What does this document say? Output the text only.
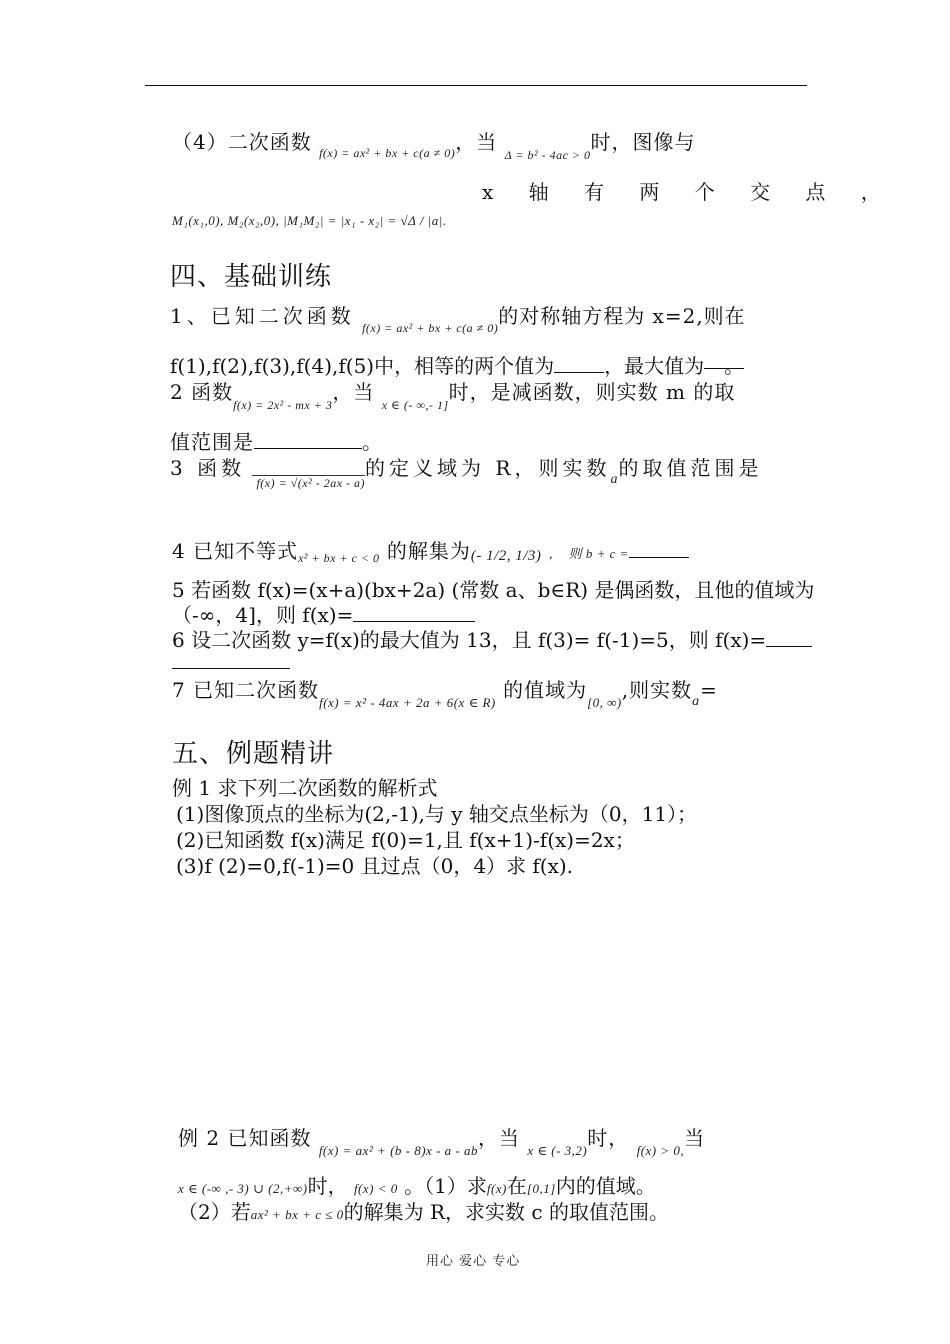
（4）二次函数 $_{f(x) = ax^2 + bx + c(a \ne 0)}$，当 $_{\Delta = b^2 - 4ac > 0}$时，图像与
x 轴 有 两 个 交 点 ，
M₁(x₁,0), M₂(x₂,0), |M₁M₂| = |x₁ - x₂| = √Δ / |a|.
四、基础训练
1、已知二次函数 $_{f(x) = ax^2 + bx + c(a \ne 0)}$的对称轴方程为 x=2,则在
f(1),f(2),f(3),f(4),f(5)中，相等的两个值为	，最大值为 。
2 函数$_{f(x) = 2x^2 - mx + 3}$，当 $_{x \in (- \infty,- 1]}$时，是减函数，则实数 m 的取
值范围是	。
3 函数 $_{f(x) = √(x^2 - 2ax - a)}$的定义域为 R，则实数$_a$的取值范围是
4 已知不等式$_{x^2 + bx + c < 0}$ 的解集为(- 1/2, 1/3) ， 则 b + c =
5 若函数 f(x)=(x+a)(bx+2a) (常数 a、b∈R) 是偶函数，且他的值域为
（-∞，4]，则 f(x)=
6 设二次函数 y=f(x)的最大值为 13，且 f(3)= f(-1)=5，则 f(x)=
7 已知二次函数$_{f(x) = x^2 - 4ax + 2a + 6(x \in R)}$ 的值域为$_{[0, \infty)}$,则实数$_a$=
五、例题精讲
例 1 求下列二次函数的解析式
(1)图像顶点的坐标为(2,-1),与 y 轴交点坐标为（0，11）；
(2)已知函数 f(x)满足 f(0)=1,且 f(x+1)-f(x)=2x；
(3)f (2)=0,f(-1)=0 且过点（0，4）求 f(x).
例 2 已知函数 $_{f(x) = ax^2 + (b - 8)x - a - ab}$，当 $_{x \in (- 3,2)}$时， $_{f(x) > 0,}$当
x ∈ (-∞ ,- 3) ∪ (2,+∞)时， f(x) < 0 。（1）求f(x)在[0,1]内的值域。
（2）若ax² + bx + c ≤ 0的解集为 R，求实数 c 的取值范围。
用心 爱心 专心
